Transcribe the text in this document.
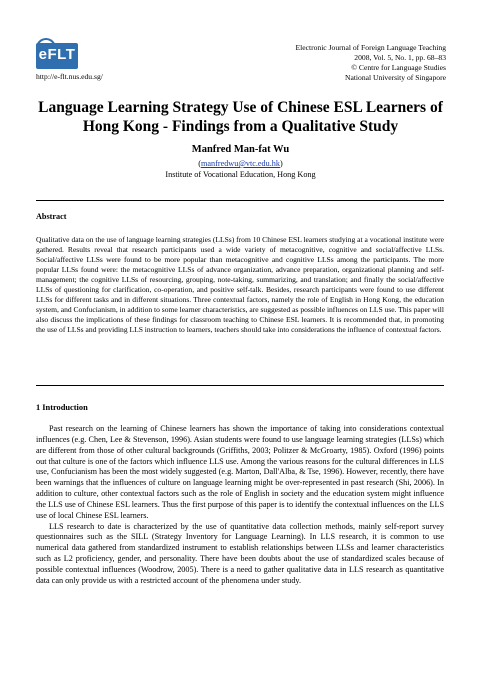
eFLT
http://e-flt.nus.edu.sg/
Electronic Journal of Foreign Language Teaching
2008, Vol. 5, No. 1, pp. 68–83
© Centre for Language Studies
National University of Singapore
Language Learning Strategy Use of Chinese ESL Learners of Hong Kong - Findings from a Qualitative Study
Manfred Man-fat Wu
(manfredwu@vtc.edu.hk)
Institute of Vocational Education, Hong Kong
Abstract
Qualitative data on the use of language learning strategies (LLSs) from 10 Chinese ESL learners studying at a vocational institute were gathered. Results reveal that research participants used a wide variety of metacognitive, cognitive and social/affective LLSs. Social/affective LLSs were found to be more popular than metacognitive and cognitive LLSs among the participants. The more popular LLSs found were: the metacognitive LLSs of advance organization, advance preparation, organizational planning and self-management; the cognitive LLSs of resourcing, grouping, note-taking, summarizing, and translation; and finally the social/affective LLSs of questioning for clarification, co-operation, and positive self-talk. Besides, research participants were found to use different LLSs for different tasks and in different situations. Three contextual factors, namely the role of English in Hong Kong, the education system, and Confucianism, in addition to some learner characteristics, are suggested as possible influences on LLS use. This paper will also discuss the implications of these findings for classroom teaching to Chinese ESL learners. It is recommended that, in promoting the use of LLSs and providing LLS instruction to learners, teachers should take into considerations the influence of contextual factors.
1 Introduction

Past research on the learning of Chinese learners has shown the importance of taking into considerations contextual influences (e.g. Chen, Lee & Stevenson, 1996). Asian students were found to use language learning strategies (LLSs) which are different from those of other cultural backgrounds (Griffiths, 2003; Politzer & McGroarty, 1985). Oxford (1996) points out that culture is one of the factors which influence LLS use. Among the various reasons for the cultural differences in LLS use, Confucianism has been the most widely suggested (e.g. Marton, Dall'Alba, & Tse, 1996). However, recently, there have been warnings that the influences of culture on language learning might be over-represented in past research (Shi, 2006). In addition to culture, other contextual factors such as the role of English in society and the education system might influence the LLS use of Chinese ESL learners. Thus the first purpose of this paper is to identify the contextual influences on the LLS use of local Chinese ESL learners.

LLS research to date is characterized by the use of quantitative data collection methods, mainly self-report survey questionnaires such as the SILL (Strategy Inventory for Language Learning). In LLS research, it is common to use numerical data gathered from standardized instrument to establish relationships between LLSs and learner characteristics such as L2 proficiency, gender, and personality. There have been doubts about the use of standardized scales because of possible contextual influences (Woodrow, 2005). There is a need to gather qualitative data in LLS research as quantitative data can only provide us with a restricted account of the phenomena under study.
